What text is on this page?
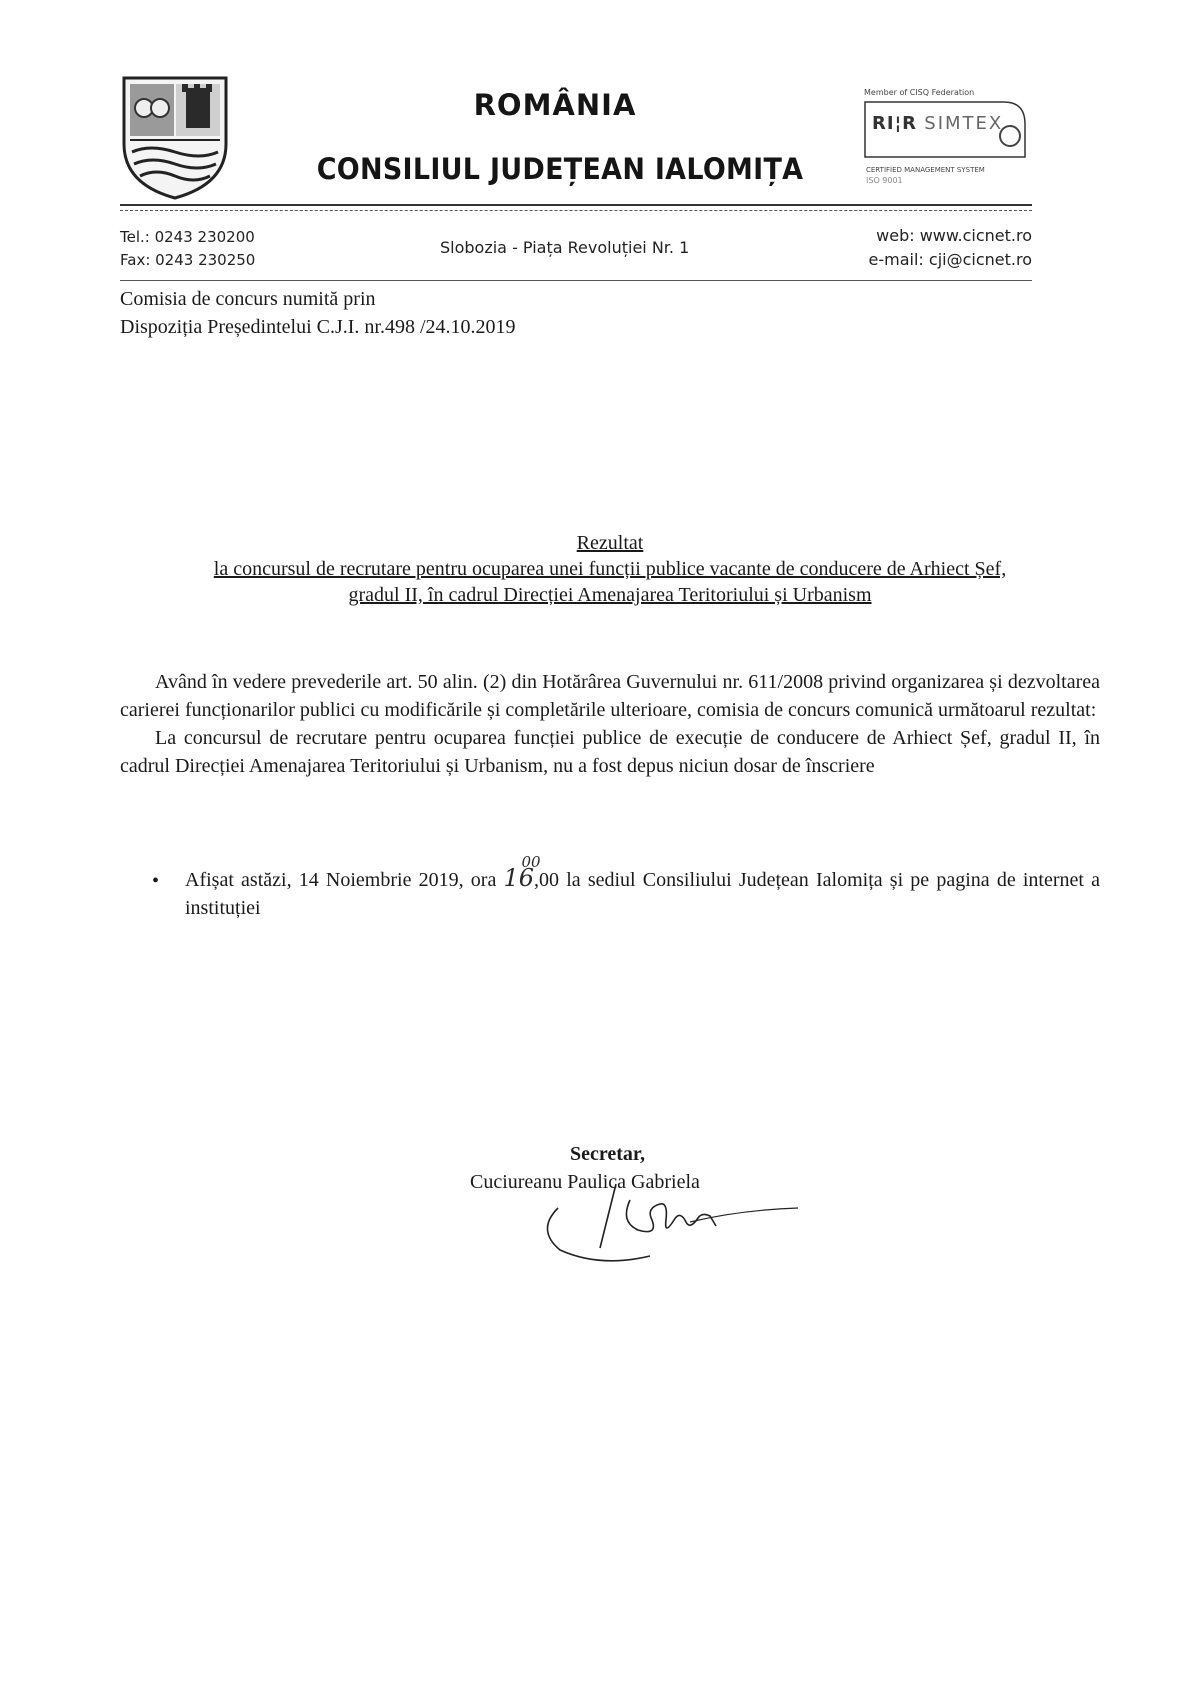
ROMÂNIA
CONSILIUL JUDEȚEAN IALOMIȚA
Member of CISQ Federation
RI¦R SIMTEX
CERTIFIED MANAGEMENT SYSTEM
ISO 9001
Tel.: 0243 230200
Fax: 0243 230250
Slobozia - Piața Revoluției Nr. 1
web: www.cicnet.ro
e-mail: cji@cicnet.ro
Comisia de concurs numită prin
Dispoziția Președintelui C.J.I. nr.498 /24.10.2019
Rezultat
la concursul de recrutare pentru ocuparea unei funcții publice vacante de conducere de Arhiect Șef,
gradul II, în cadrul Direcției Amenajarea Teritoriului și Urbanism
Având în vedere prevederile art. 50 alin. (2) din Hotărârea Guvernului nr. 611/2008 privind organizarea și dezvoltarea carierei funcționarilor publici cu modificările și completările ulterioare, comisia de concurs comunică următoarul rezultat:
La concursul de recrutare pentru ocuparea funcției publice de execuție de conducere de Arhiect Șef, gradul II, în cadrul Direcției Amenajarea Teritoriului și Urbanism, nu a fost depus niciun dosar de înscriere
• Afișat astăzi, 14 Noiembrie 2019, ora 16
00
,00 la sediul Consiliului Județean Ialomița și pe pagina de internet a instituției
Secretar,
Cuciureanu Paulica Gabriela
